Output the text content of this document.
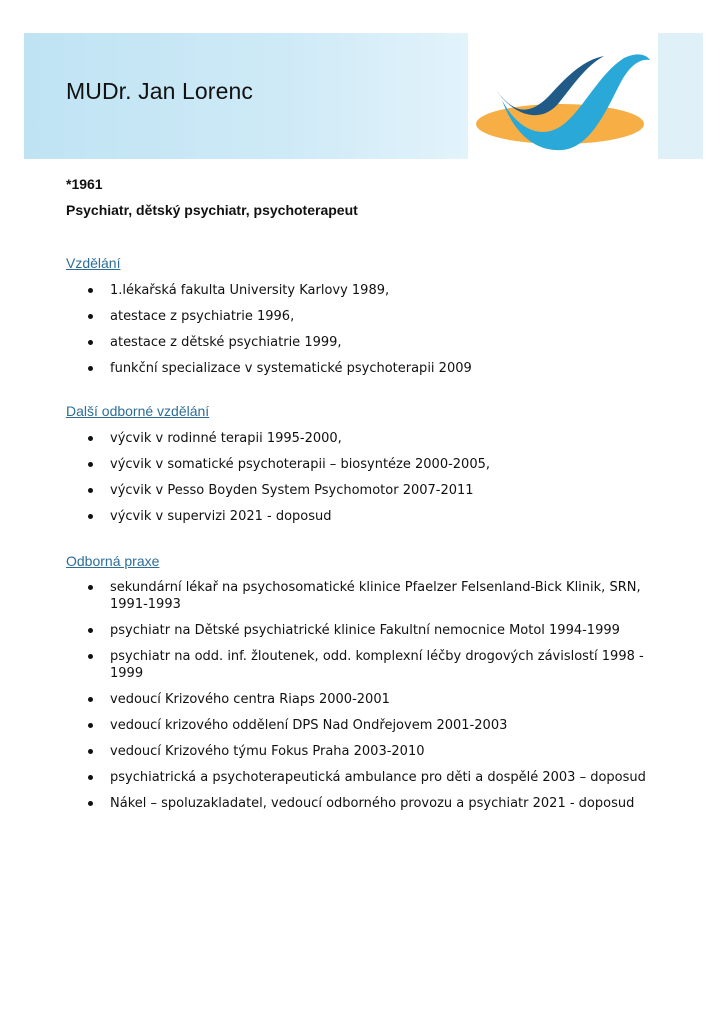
MUDr. Jan Lorenc
*1961
Psychiatr, dětský psychiatr, psychoterapeut
Vzdělání
1.lékařská fakulta University Karlovy 1989,
atestace z psychiatrie 1996,
atestace z dětské psychiatrie 1999,
funkční specializace v systematické psychoterapii 2009
Další odborné vzdělání
výcvik v rodinné terapii 1995-2000,
výcvik v somatické psychoterapii – biosyntéze 2000-2005,
výcvik v Pesso Boyden System Psychomotor 2007-2011
výcvik v supervizi 2021 - doposud
Odborná praxe
sekundární lékař na psychosomatické klinice Pfaelzer Felsenland-Bick Klinik, SRN, 1991-1993
psychiatr na Dětské psychiatrické klinice Fakultní nemocnice Motol 1994-1999
psychiatr na odd. inf. žloutenek, odd. komplexní léčby drogových závislostí 1998 - 1999
vedoucí Krizového centra Riaps 2000-2001
vedoucí krizového oddělení DPS Nad Ondřejovem 2001-2003
vedoucí Krizového týmu Fokus Praha 2003-2010
psychiatrická a psychoterapeutická ambulance pro děti a dospělé 2003 – doposud
Nákel – spoluzakladatel, vedoucí odborného provozu a psychiatr 2021 - doposud
